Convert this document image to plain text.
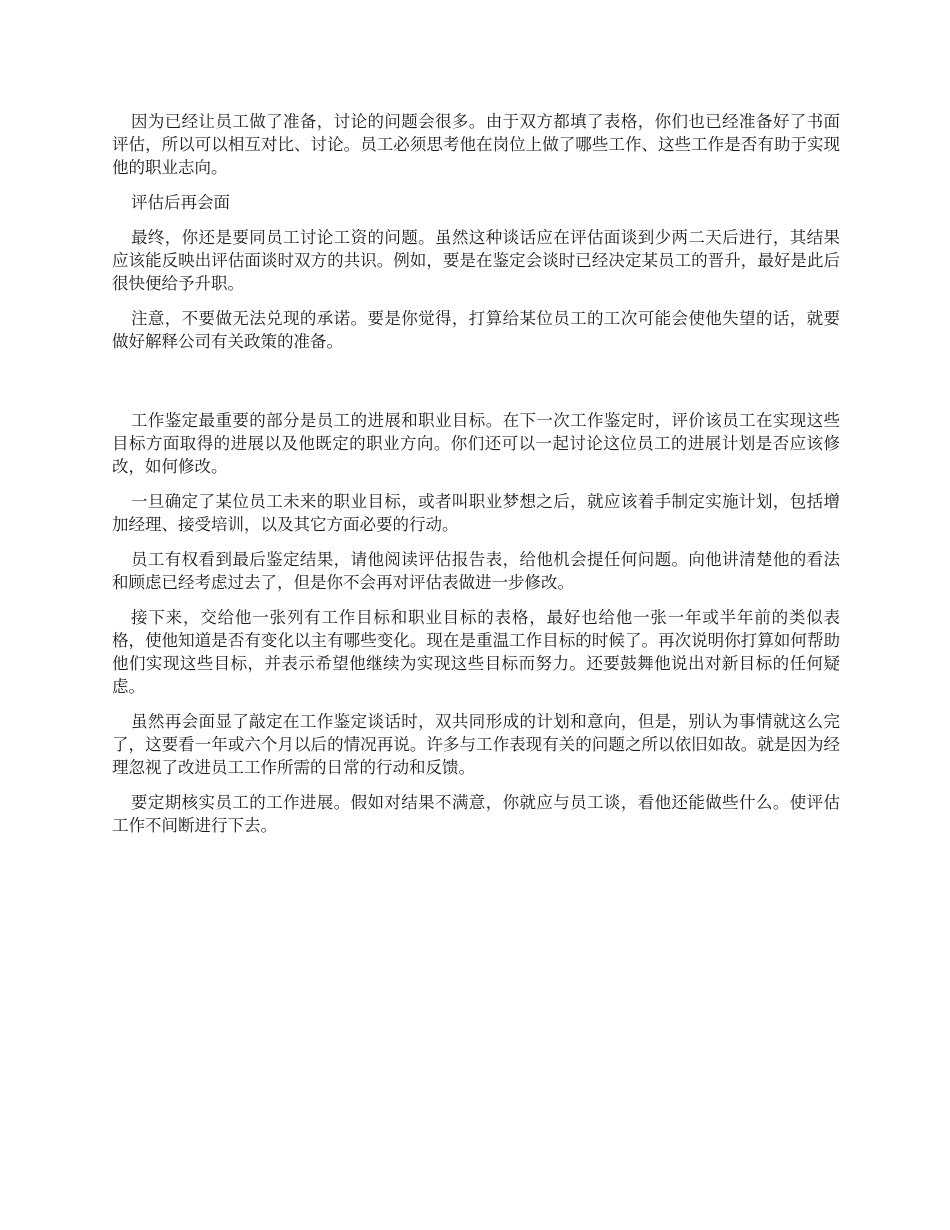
因为已经让员工做了准备，讨论的问题会很多。由于双方都填了表格，你们也已经准备好了书面评估，所以可以相互对比、讨论。员工必须思考他在岗位上做了哪些工作、这些工作是否有助于实现他的职业志向。

评估后再会面

最终，你还是要同员工讨论工资的问题。虽然这种谈话应在评估面谈到少两二天后进行，其结果应该能反映出评估面谈时双方的共识。例如，要是在鉴定会谈时已经决定某员工的晋升，最好是此后很快便给予升职。

注意，不要做无法兑现的承诺。要是你觉得，打算给某位员工的工次可能会使他失望的话，就要做好解释公司有关政策的准备。

工作鉴定最重要的部分是员工的进展和职业目标。在下一次工作鉴定时，评价该员工在实现这些目标方面取得的进展以及他既定的职业方向。你们还可以一起讨论这位员工的进展计划是否应该修改，如何修改。

一旦确定了某位员工未来的职业目标，或者叫职业梦想之后，就应该着手制定实施计划，包括增加经理、接受培训，以及其它方面必要的行动。

员工有权看到最后鉴定结果，请他阅读评估报告表，给他机会提任何问题。向他讲清楚他的看法和顾虑已经考虑过去了，但是你不会再对评估表做进一步修改。

接下来，交给他一张列有工作目标和职业目标的表格，最好也给他一张一年或半年前的类似表格，使他知道是否有变化以主有哪些变化。现在是重温工作目标的时候了。再次说明你打算如何帮助他们实现这些目标，并表示希望他继续为实现这些目标而努力。还要鼓舞他说出对新目标的任何疑虑。

虽然再会面显了敲定在工作鉴定谈话时，双共同形成的计划和意向，但是，别认为事情就这么完了，这要看一年或六个月以后的情况再说。许多与工作表现有关的问题之所以依旧如故。就是因为经理忽视了改进员工工作所需的日常的行动和反馈。

要定期核实员工的工作进展。假如对结果不满意，你就应与员工谈，看他还能做些什么。使评估工作不间断进行下去。
